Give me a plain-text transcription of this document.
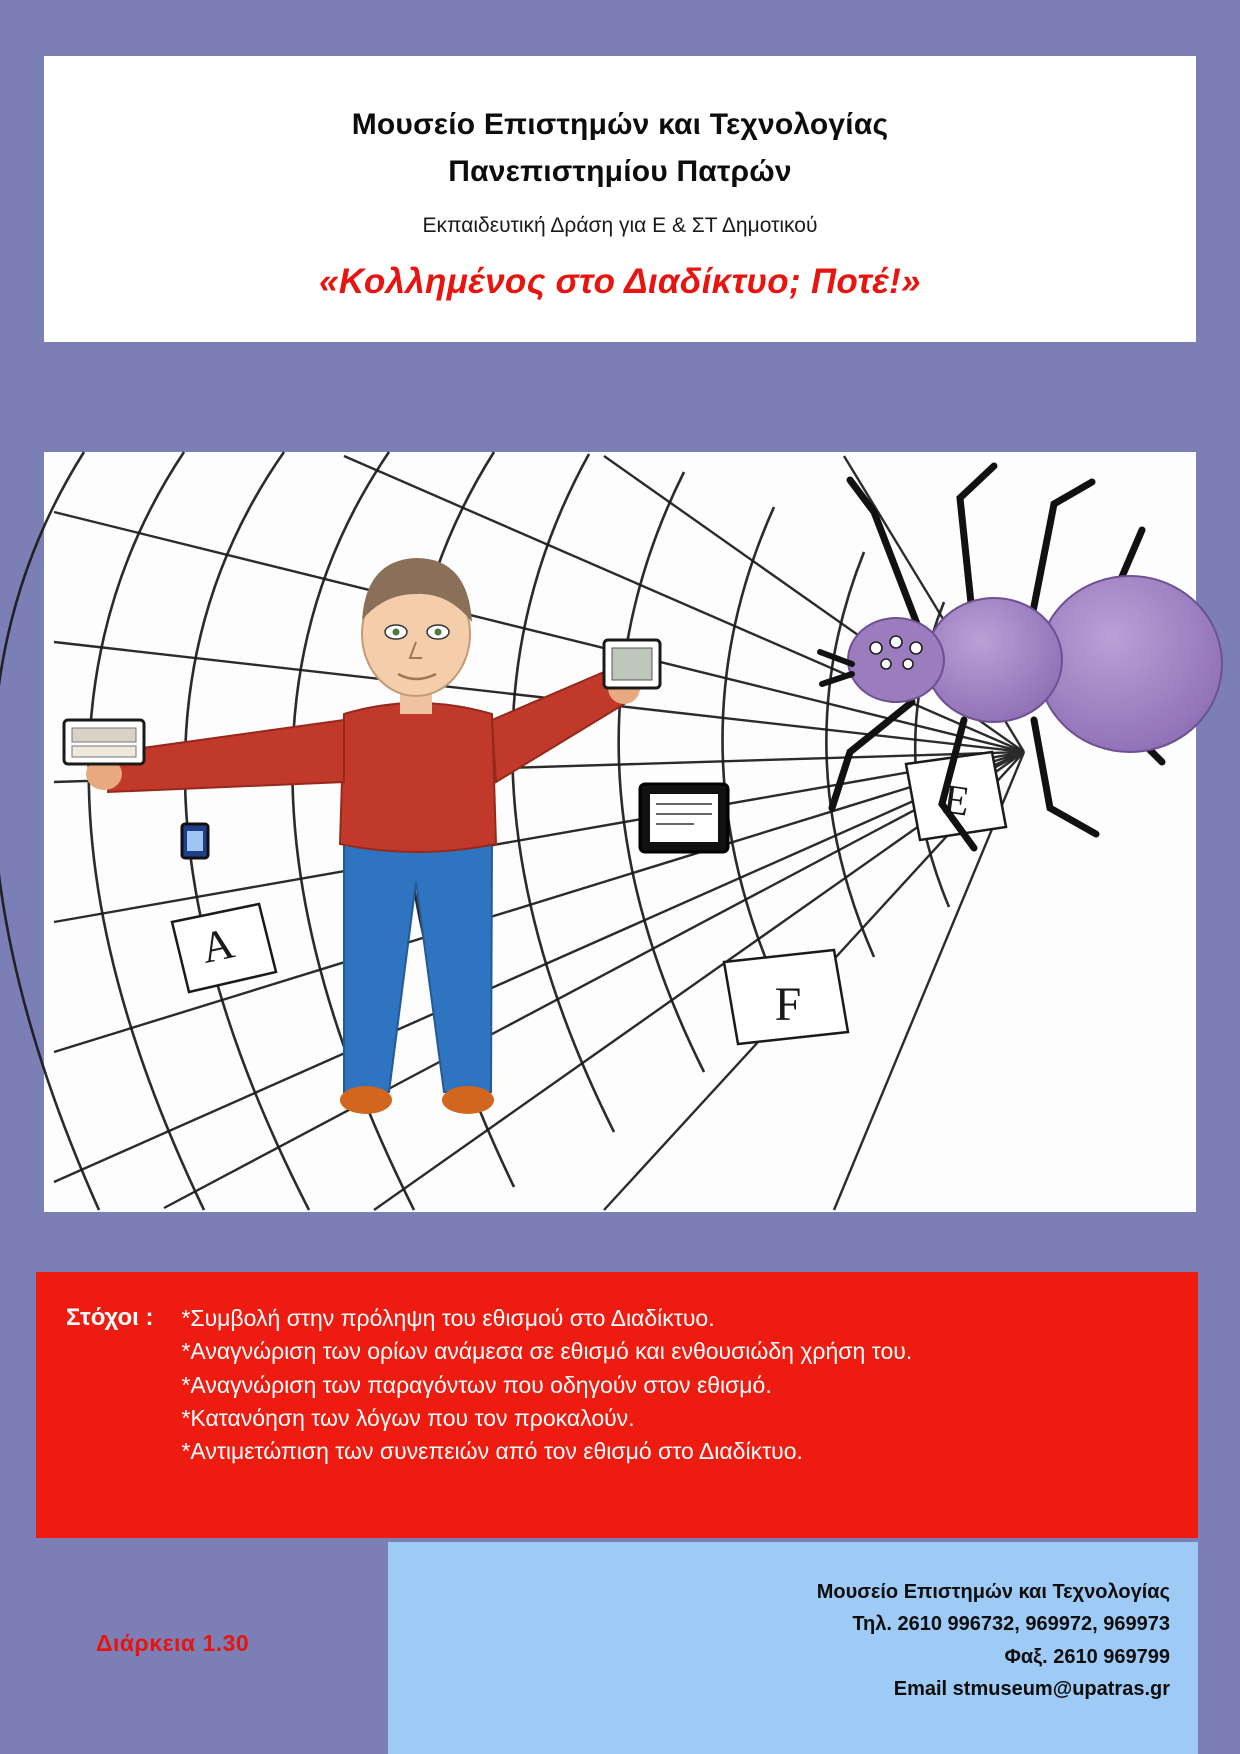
Μουσείο Επιστημών και Τεχνολογίας
Πανεπιστημίου Πατρών
Εκπαιδευτική Δράση για Ε & ΣΤ Δημοτικού
«Κολλημένος στο Διαδίκτυο; Ποτέ!»
A
E
F
Στόχοι : *Συμβολή στην πρόληψη του εθισμού στο Διαδίκτυο.
*Αναγνώριση των ορίων ανάμεσα σε εθισμό και ενθουσιώδη χρήση του.
*Αναγνώριση των παραγόντων που οδηγούν στον εθισμό.
*Κατανόηση των λόγων που τον προκαλούν.
*Αντιμετώπιση των συνεπειών από τον εθισμό στο Διαδίκτυο.
Μουσείο Επιστημών και Τεχνολογίας
Τηλ. 2610 996732, 969972, 969973
Φαξ. 2610 969799
Email stmuseum@upatras.gr
Διάρκεια 1.30
